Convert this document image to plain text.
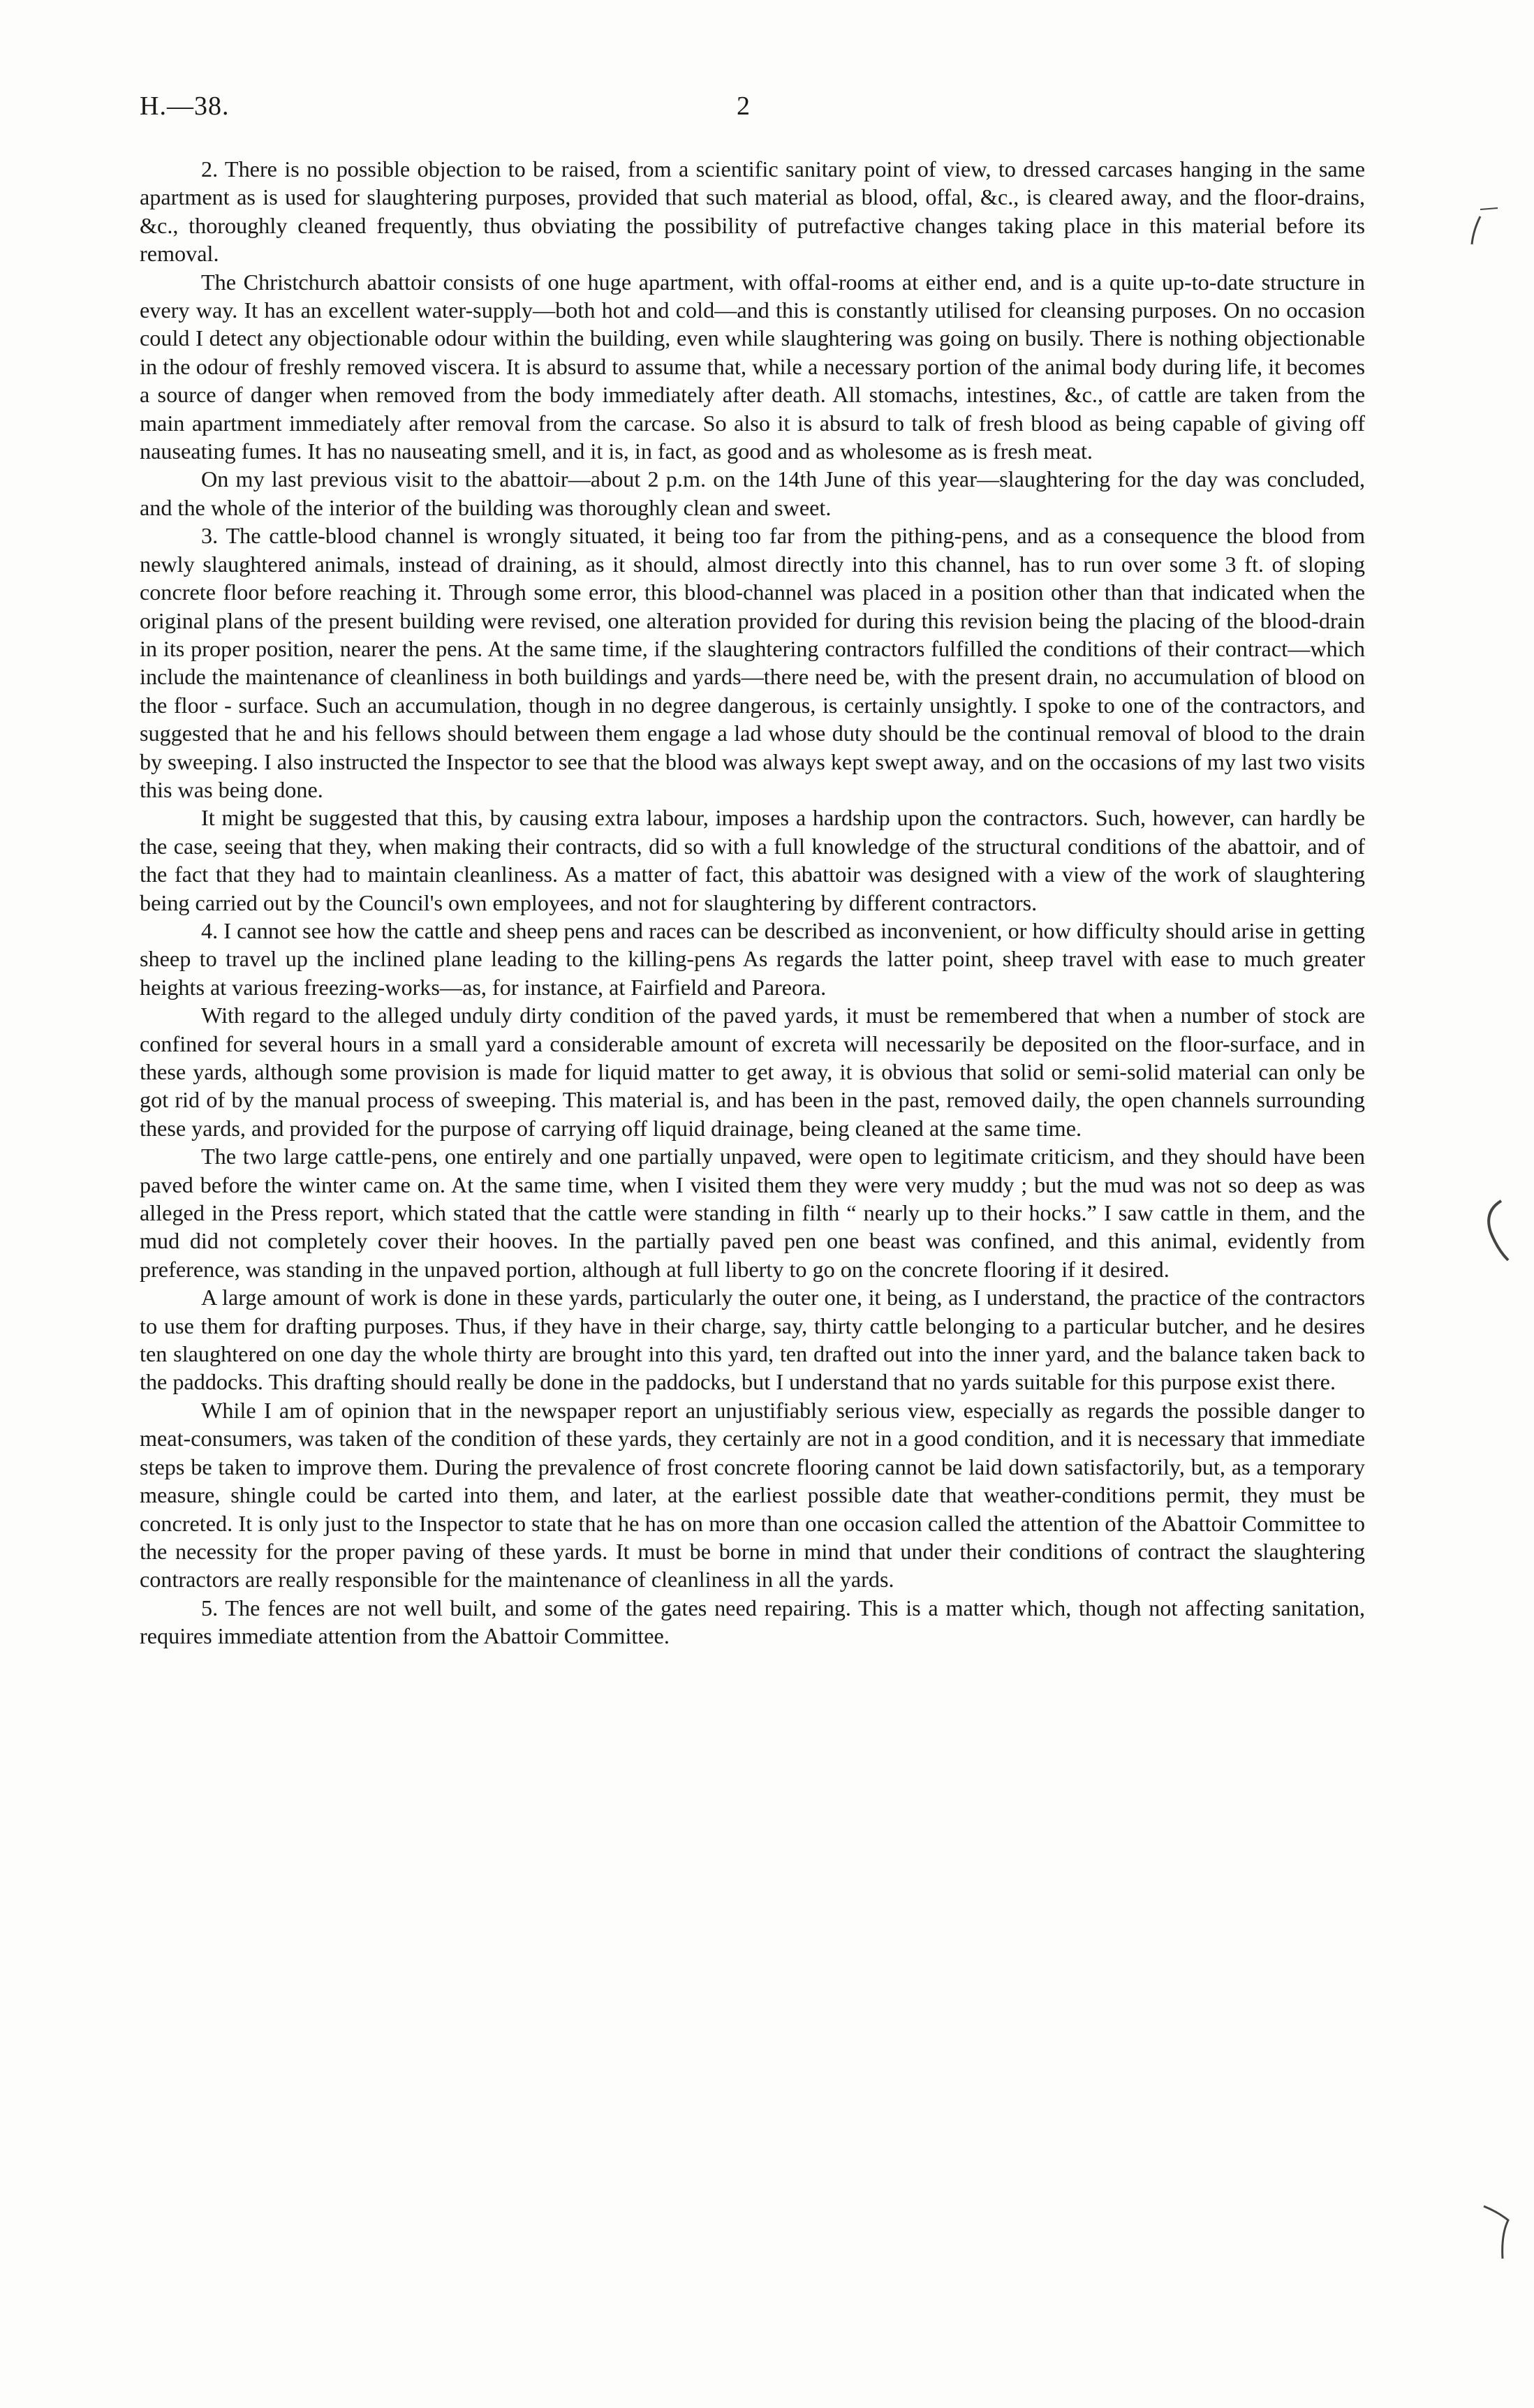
H.—38.	2

2. There is no possible objection to be raised, from a scientific sanitary point of view, to dressed carcases hanging in the same apartment as is used for slaughtering purposes, provided that such material as blood, offal, &c., is cleared away, and the floor-drains, &c., thoroughly cleaned frequently, thus obviating the possibility of putrefactive changes taking place in this material before its removal.

The Christchurch abattoir consists of one huge apartment, with offal-rooms at either end, and is a quite up-to-date structure in every way. It has an excellent water-supply—both hot and cold—and this is constantly utilised for cleansing purposes. On no occasion could I detect any objectionable odour within the building, even while slaughtering was going on busily. There is nothing objectionable in the odour of freshly removed viscera. It is absurd to assume that, while a necessary portion of the animal body during life, it becomes a source of danger when removed from the body immediately after death. All stomachs, intestines, &c., of cattle are taken from the main apartment immediately after removal from the carcase. So also it is absurd to talk of fresh blood as being capable of giving off nauseating fumes. It has no nauseating smell, and it is, in fact, as good and as wholesome as is fresh meat.

On my last previous visit to the abattoir—about 2 p.m. on the 14th June of this year—slaughtering for the day was concluded, and the whole of the interior of the building was thoroughly clean and sweet.

3. The cattle-blood channel is wrongly situated, it being too far from the pithing-pens, and as a consequence the blood from newly slaughtered animals, instead of draining, as it should, almost directly into this channel, has to run over some 3 ft. of sloping concrete floor before reaching it. Through some error, this blood-channel was placed in a position other than that indicated when the original plans of the present building were revised, one alteration provided for during this revision being the placing of the blood-drain in its proper position, nearer the pens. At the same time, if the slaughtering contractors fulfilled the conditions of their contract—which include the maintenance of cleanliness in both buildings and yards—there need be, with the present drain, no accumulation of blood on the floor - surface. Such an accumulation, though in no degree dangerous, is certainly unsightly. I spoke to one of the contractors, and suggested that he and his fellows should between them engage a lad whose duty should be the continual removal of blood to the drain by sweeping. I also instructed the Inspector to see that the blood was always kept swept away, and on the occasions of my last two visits this was being done.

It might be suggested that this, by causing extra labour, imposes a hardship upon the contractors. Such, however, can hardly be the case, seeing that they, when making their contracts, did so with a full knowledge of the structural conditions of the abattoir, and of the fact that they had to maintain cleanliness. As a matter of fact, this abattoir was designed with a view of the work of slaughtering being carried out by the Council's own employees, and not for slaughtering by different contractors.

4. I cannot see how the cattle and sheep pens and races can be described as inconvenient, or how difficulty should arise in getting sheep to travel up the inclined plane leading to the killing-pens As regards the latter point, sheep travel with ease to much greater heights at various freezing-works—as, for instance, at Fairfield and Pareora.

With regard to the alleged unduly dirty condition of the paved yards, it must be remembered that when a number of stock are confined for several hours in a small yard a considerable amount of excreta will necessarily be deposited on the floor-surface, and in these yards, although some provision is made for liquid matter to get away, it is obvious that solid or semi-solid material can only be got rid of by the manual process of sweeping. This material is, and has been in the past, removed daily, the open channels surrounding these yards, and provided for the purpose of carrying off liquid drainage, being cleaned at the same time.

The two large cattle-pens, one entirely and one partially unpaved, were open to legitimate criticism, and they should have been paved before the winter came on. At the same time, when I visited them they were very muddy ; but the mud was not so deep as was alleged in the Press report, which stated that the cattle were standing in filth “ nearly up to their hocks.” I saw cattle in them, and the mud did not completely cover their hooves. In the partially paved pen one beast was confined, and this animal, evidently from preference, was standing in the unpaved portion, although at full liberty to go on the concrete flooring if it desired.

A large amount of work is done in these yards, particularly the outer one, it being, as I understand, the practice of the contractors to use them for drafting purposes. Thus, if they have in their charge, say, thirty cattle belonging to a particular butcher, and he desires ten slaughtered on one day the whole thirty are brought into this yard, ten drafted out into the inner yard, and the balance taken back to the paddocks. This drafting should really be done in the paddocks, but I understand that no yards suitable for this purpose exist there.

While I am of opinion that in the newspaper report an unjustifiably serious view, especially as regards the possible danger to meat-consumers, was taken of the condition of these yards, they certainly are not in a good condition, and it is necessary that immediate steps be taken to improve them. During the prevalence of frost concrete flooring cannot be laid down satisfactorily, but, as a temporary measure, shingle could be carted into them, and later, at the earliest possible date that weather-conditions permit, they must be concreted. It is only just to the Inspector to state that he has on more than one occasion called the attention of the Abattoir Committee to the necessity for the proper paving of these yards. It must be borne in mind that under their conditions of contract the slaughtering contractors are really responsible for the maintenance of cleanliness in all the yards.

5. The fences are not well built, and some of the gates need repairing. This is a matter which, though not affecting sanitation, requires immediate attention from the Abattoir Committee.
